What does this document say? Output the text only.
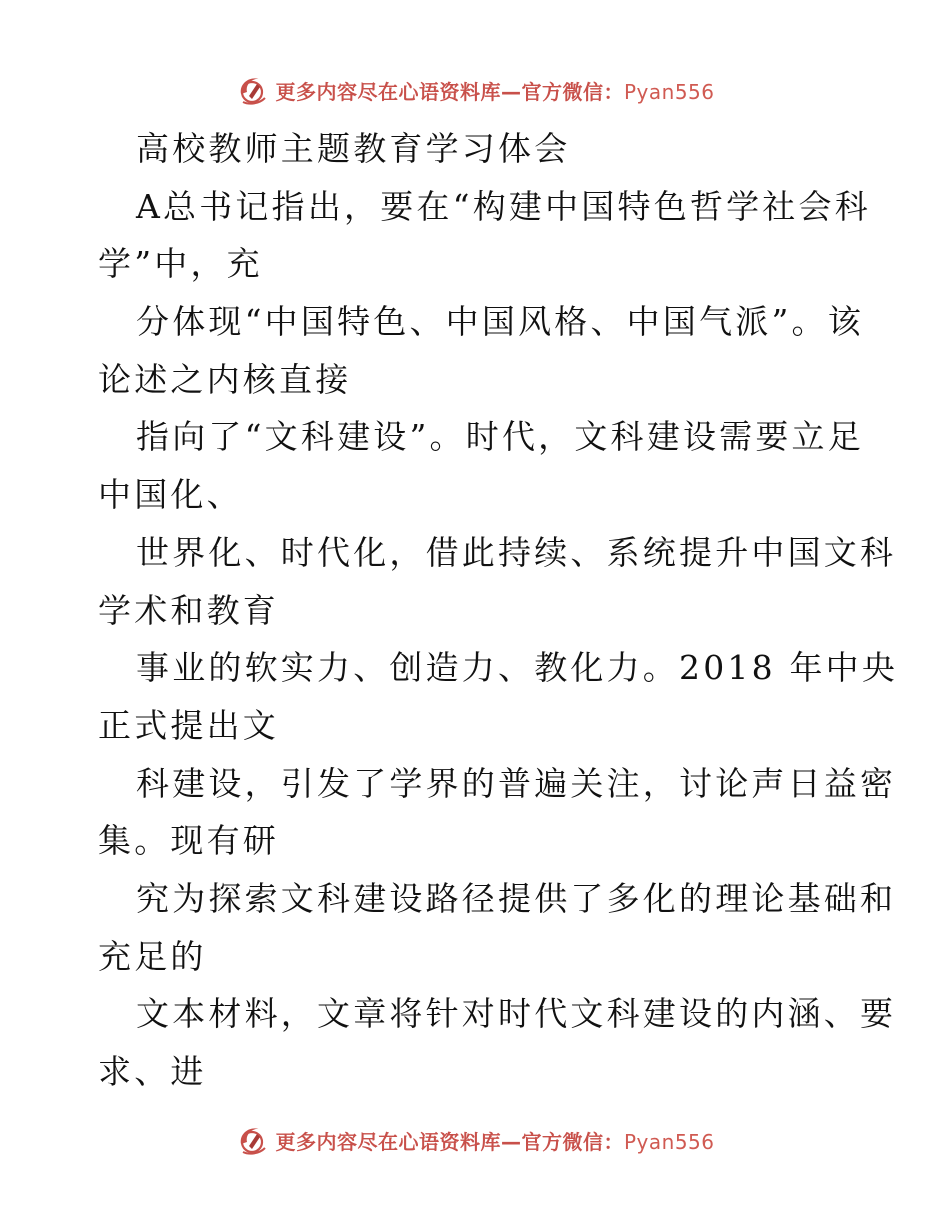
更多内容尽在心语资料库—官方微信：Pyan556
高校教师主题教育学习体会
A总书记指出，要在“构建中国特色哲学社会科
学”中，充
分体现“中国特色、中国风格、中国气派”。该
论述之内核直接
指向了“文科建设”。时代，文科建设需要立足
中国化、
世界化、时代化，借此持续、系统提升中国文科
学术和教育
事业的软实力、创造力、教化力。2018 年中央
正式提出文
科建设，引发了学界的普遍关注，讨论声日益密
集。现有研
究为探索文科建设路径提供了多化的理论基础和
充足的
文本材料，文章将针对时代文科建设的内涵、要
求、进
更多内容尽在心语资料库—官方微信：Pyan556
